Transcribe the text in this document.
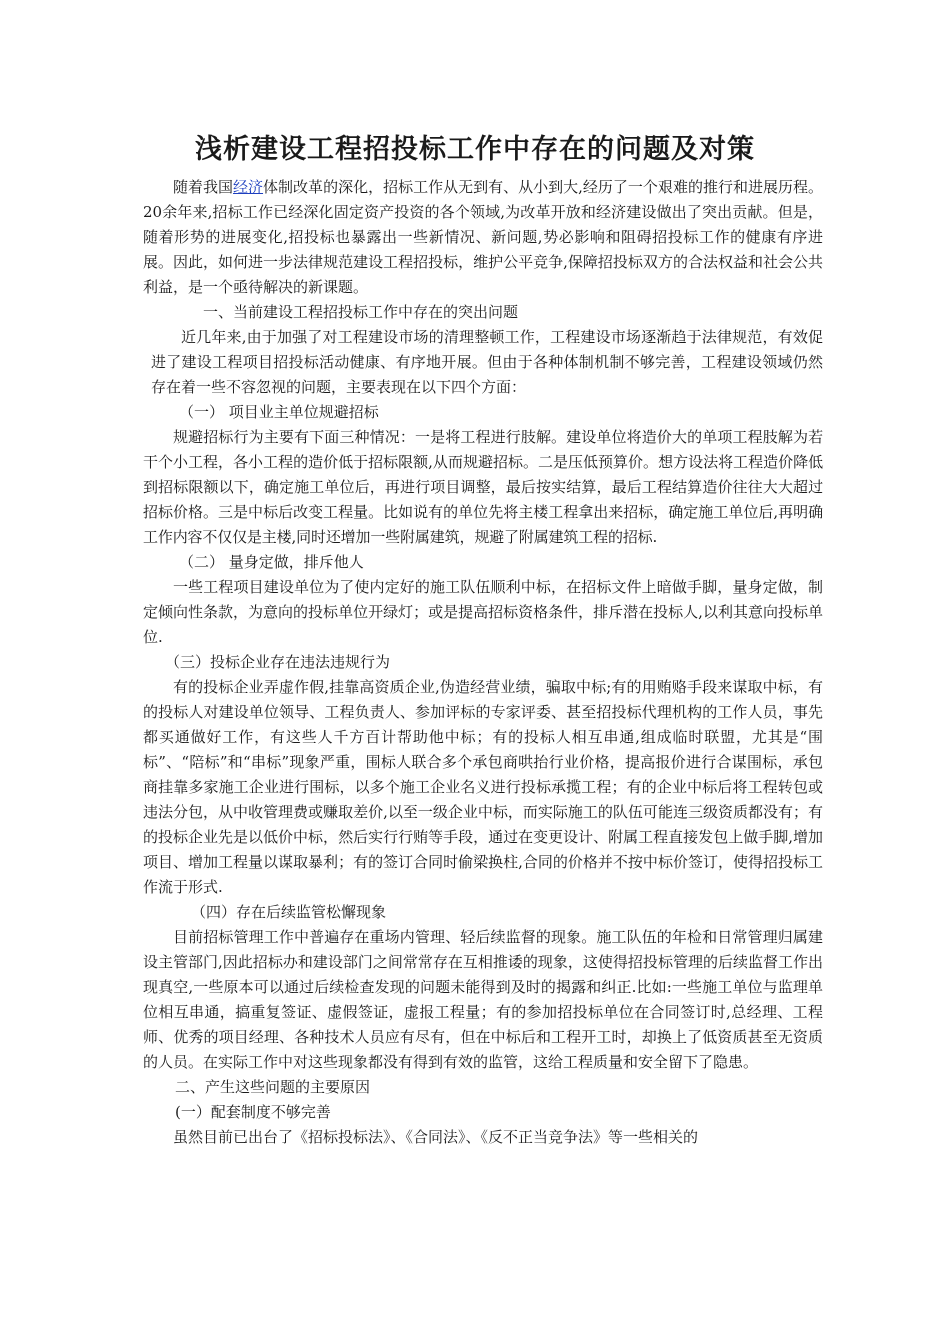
浅析建设工程招投标工作中存在的问题及对策

随着我国经济体制改革的深化，招标工作从无到有、从小到大,经历了一个艰难的推行和进展历程。20余年来,招标工作已经深化固定资产投资的各个领域,为改革开放和经济建设做出了突出贡献。但是，随着形势的进展变化,招投标也暴露出一些新情况、新问题,势必影响和阻碍招投标工作的健康有序进展。因此，如何进一步法律规范建设工程招投标，维护公平竞争,保障招投标双方的合法权益和社会公共利益，是一个亟待解决的新课题。

一、当前建设工程招投标工作中存在的突出问题

近几年来,由于加强了对工程建设市场的清理整顿工作，工程建设市场逐渐趋于法律规范，有效促进了建设工程项目招投标活动健康、有序地开展。但由于各种体制机制不够完善，工程建设领域仍然存在着一些不容忽视的问题，主要表现在以下四个方面：

（一） 项目业主单位规避招标

规避招标行为主要有下面三种情况：一是将工程进行肢解。建设单位将造价大的单项工程肢解为若干个小工程，各小工程的造价低于招标限额,从而规避招标。二是压低预算价。想方设法将工程造价降低到招标限额以下，确定施工单位后，再进行项目调整，最后按实结算，最后工程结算造价往往大大超过招标价格。三是中标后改变工程量。比如说有的单位先将主楼工程拿出来招标，确定施工单位后,再明确工作内容不仅仅是主楼,同时还增加一些附属建筑，规避了附属建筑工程的招标.

（二） 量身定做，排斥他人

一些工程项目建设单位为了使内定好的施工队伍顺利中标，在招标文件上暗做手脚，量身定做，制定倾向性条款，为意向的投标单位开绿灯；或是提高招标资格条件，排斥潜在投标人,以利其意向投标单位.

（三）投标企业存在违法违规行为

有的投标企业弄虚作假,挂靠高资质企业,伪造经营业绩，骗取中标;有的用贿赂手段来谋取中标，有的投标人对建设单位领导、工程负责人、参加评标的专家评委、甚至招投标代理机构的工作人员，事先都买通做好工作，有这些人千方百计帮助他中标；有的投标人相互串通,组成临时联盟，尤其是“围标”、“陪标”和“串标”现象严重，围标人联合多个承包商哄抬行业价格，提高报价进行合谋围标，承包商挂靠多家施工企业进行围标，以多个施工企业名义进行投标承揽工程；有的企业中标后将工程转包或违法分包，从中收管理费或赚取差价,以至一级企业中标，而实际施工的队伍可能连三级资质都没有；有的投标企业先是以低价中标，然后实行行贿等手段，通过在变更设计、附属工程直接发包上做手脚,增加项目、增加工程量以谋取暴利；有的签订合同时偷梁换柱,合同的价格并不按中标价签订，使得招投标工作流于形式.

（四）存在后续监管松懈现象

目前招标管理工作中普遍存在重场内管理、轻后续监督的现象。施工队伍的年检和日常管理归属建设主管部门,因此招标办和建设部门之间常常存在互相推诿的现象，这使得招投标管理的后续监督工作出现真空,一些原本可以通过后续检查发现的问题未能得到及时的揭露和纠正.比如:一些施工单位与监理单位相互串通，搞重复签证、虚假签证，虚报工程量；有的参加招投标单位在合同签订时,总经理、工程师、优秀的项目经理、各种技术人员应有尽有，但在中标后和工程开工时，却换上了低资质甚至无资质的人员。在实际工作中对这些现象都没有得到有效的监管，这给工程质量和安全留下了隐患。

二、产生这些问题的主要原因

(一）配套制度不够完善

虽然目前已出台了《招标投标法》、《合同法》、《反不正当竞争法》等一些相关的
